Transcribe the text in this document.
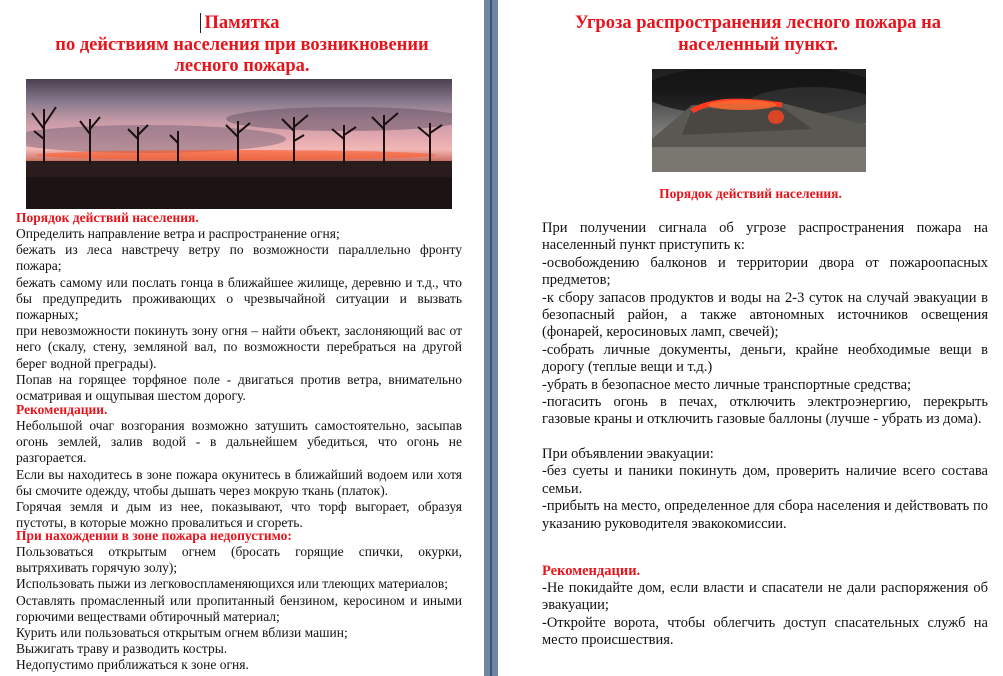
Памятка
по действиям населения при возникновении
лесного пожара.
Порядок действий населения.

Определить направление ветра и распространение огня;

бежать из леса навстречу ветру по возможности параллельно фронту пожара;

бежать самому или послать гонца в ближайшее жилище, деревню и т.д., что бы предупредить проживающих о чрезвычайной ситуации и вызвать пожарных;

при невозможности покинуть зону огня – найти объект, заслоняющий вас от него (скалу, стену, земляной вал, по возможности перебраться на другой берег водной преграды).

Попав на горящее торфяное поле - двигаться против ветра, внимательно осматривая и ощупывая шестом дорогу.

Рекомендации.

Небольшой очаг возгорания возможно затушить самостоятельно, засыпав огонь землей, залив водой - в дальнейшем убедиться, что огонь не разгорается.

Если вы находитесь в зоне пожара окунитесь в ближайший водоем или хотя бы смочите одежду, чтобы дышать через мокрую ткань (платок).

Горячая земля и дым из нее, показывают, что торф выгорает, образуя пустоты, в которые можно провалиться и сгореть.

При нахождении в зоне пожара недопустимо:

Пользоваться открытым огнем (бросать горящие спички, окурки, вытряхивать горячую золу);

Использовать пыжи из легковоспламеняющихся или тлеющих материалов;

Оставлять промасленный или пропитанный бензином, керосином и иными горючими веществами обтирочный материал;

Курить или пользоваться открытым огнем вблизи машин;

Выжигать траву и разводить костры.

Недопустимо приближаться к зоне огня.

Угроза распространения лесного пожара на
населенный пункт.
Порядок действий населения.

При получении сигнала об угрозе распространения пожара на населенный пункт приступить к:

-освобождению балконов и территории двора от пожароопасных предметов;

-к сбору запасов продуктов и воды на 2-3 суток на случай эвакуации в безопасный район, а также автономных источников освещения (фонарей, керосиновых ламп, свечей);

-собрать личные документы, деньги, крайне необходимые вещи в дорогу (теплые вещи и т.д.)

-убрать в безопасное место личные транспортные средства;

-погасить огонь в печах, отключить электроэнергию, перекрыть газовые краны и отключить газовые баллоны (лучше - убрать из дома).

При объявлении эвакуации:

-без суеты и паники покинуть дом, проверить наличие всего состава семьи.

-прибыть на место, определенное для сбора населения и действовать по указанию руководителя эвакокомиссии.

Рекомендации.

-Не покидайте дом, если власти и спасатели не дали распоряжения об эвакуации;

-Откройте ворота, чтобы облегчить доступ спасательных служб на место происшествия.
